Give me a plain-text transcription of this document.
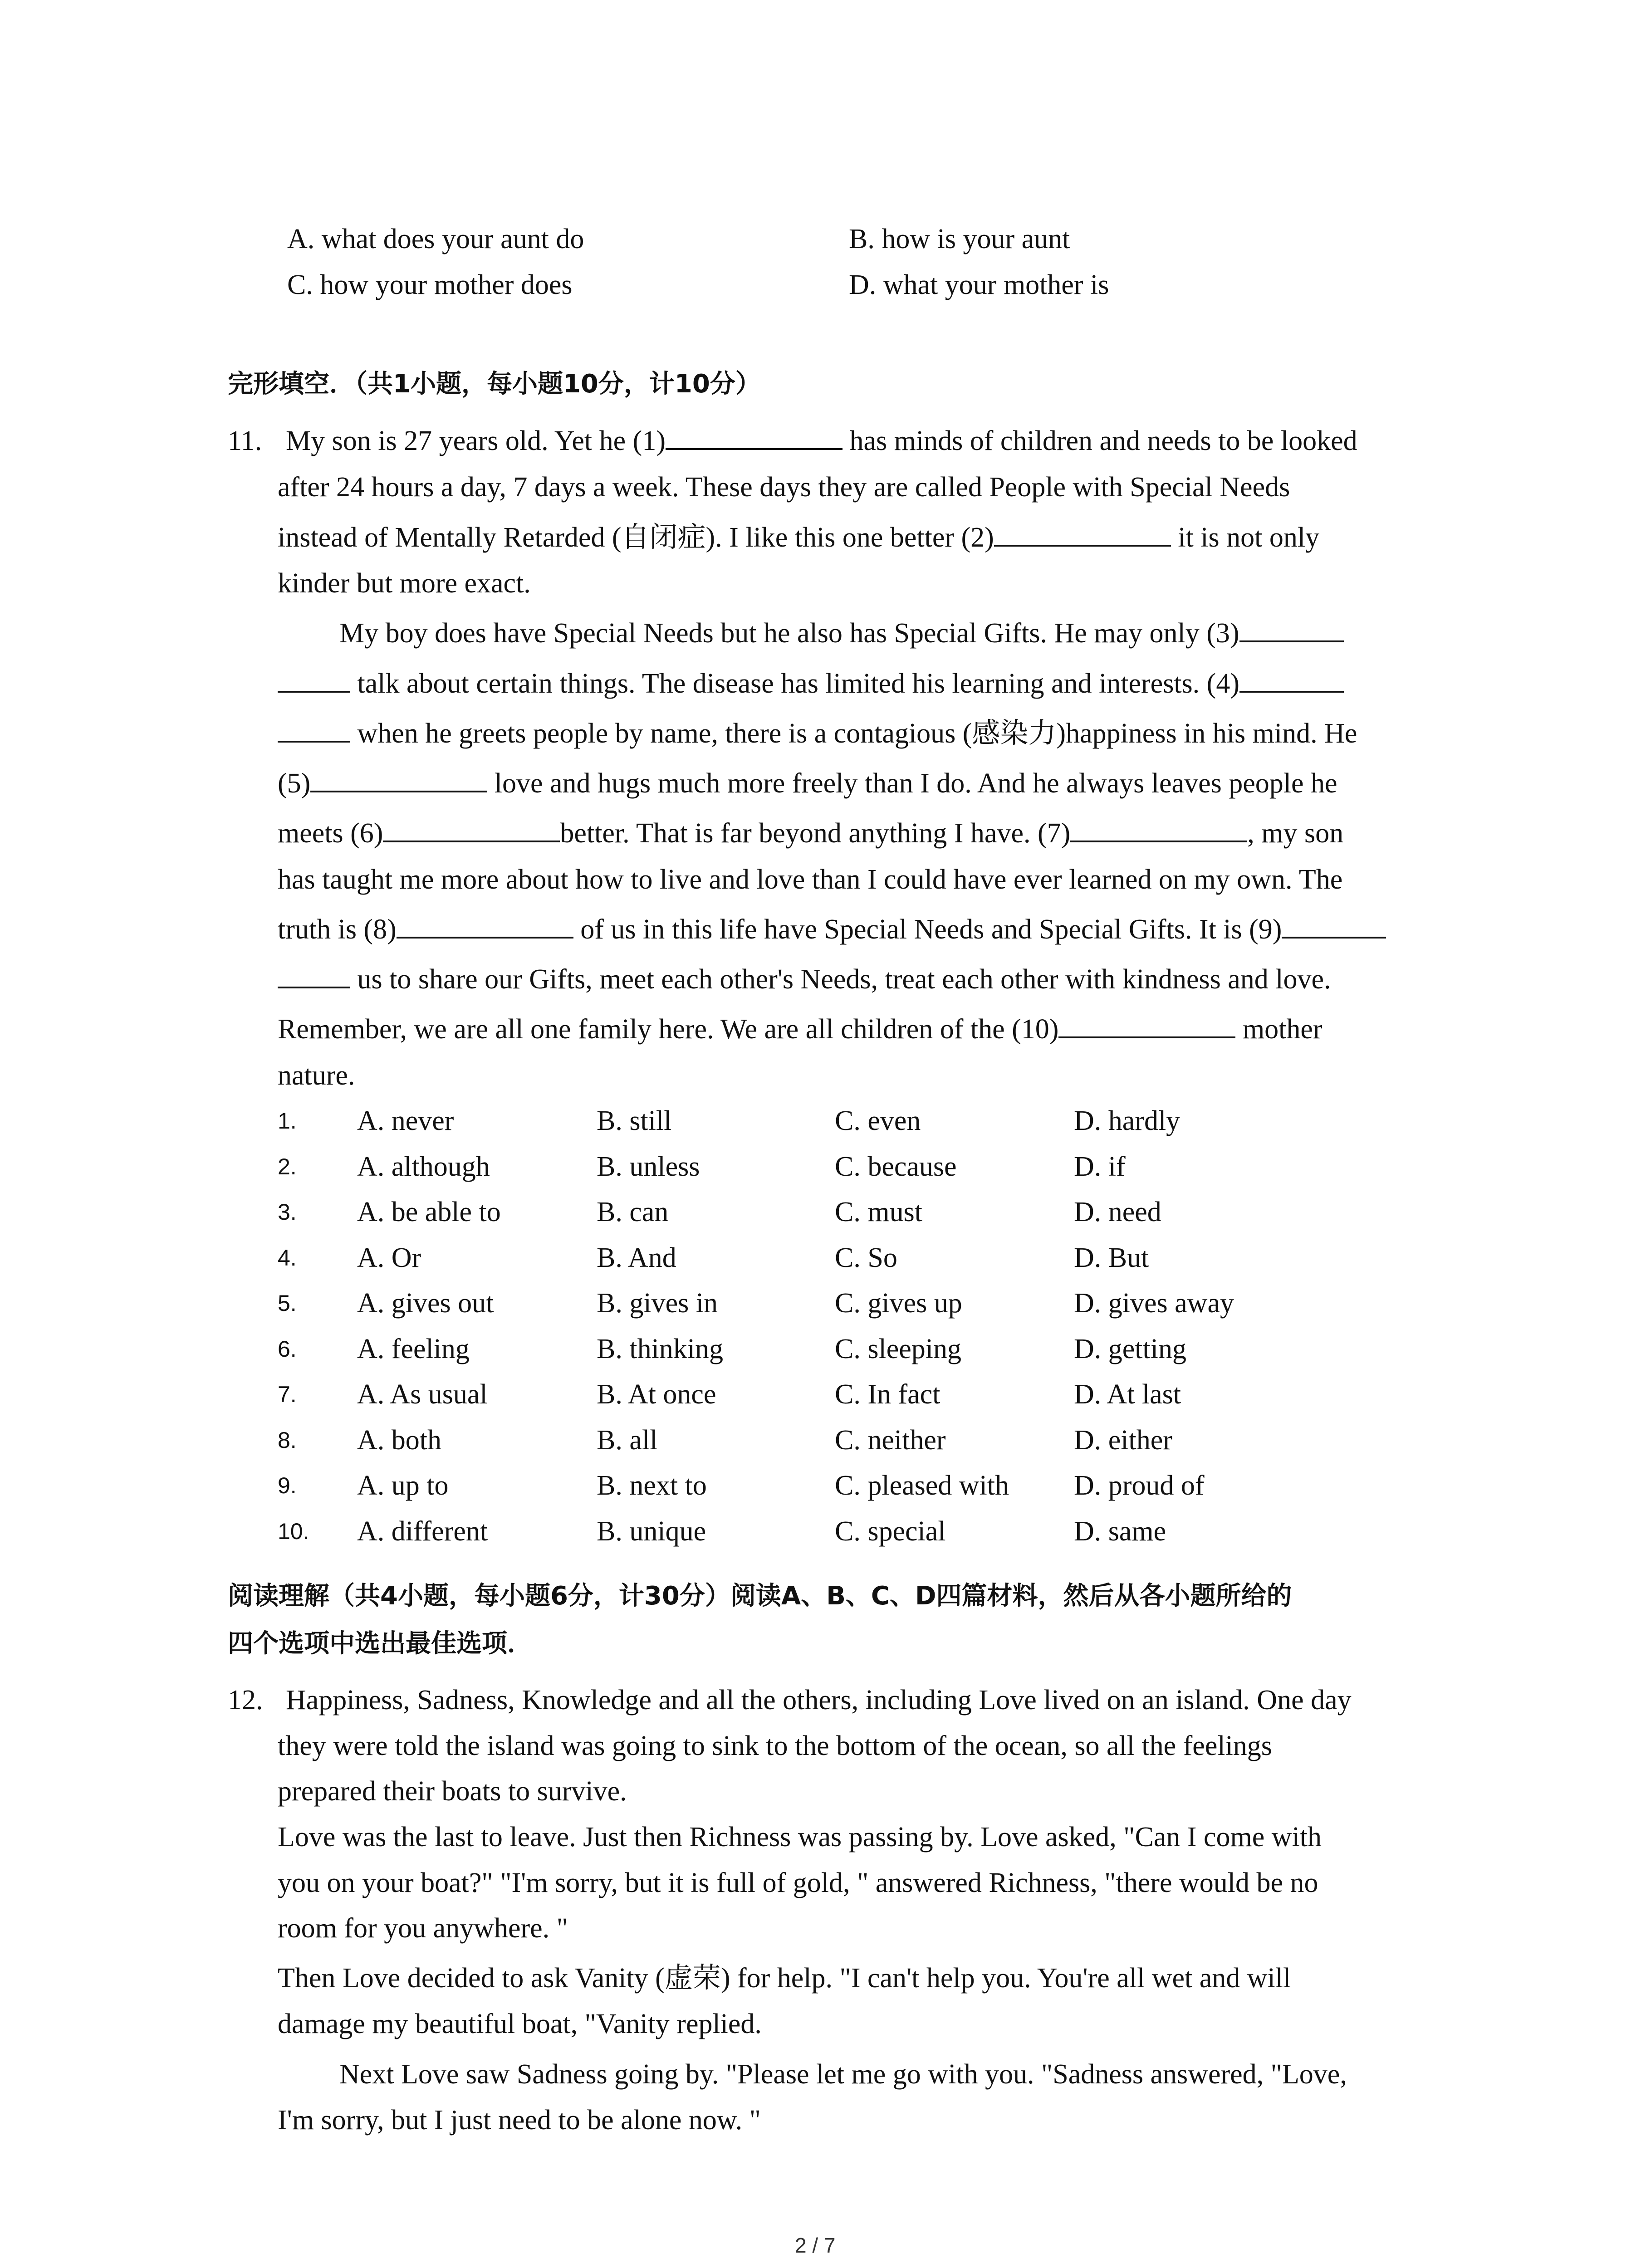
A. what does your aunt do	B. how is your aunt
C. how your mother does	D. what your mother is
完形填空．（共1小题，每小题10分，计10分）
11. My son is 27 years old. Yet he (1)	has minds of children and needs to be looked
after 24 hours a day, 7 days a week. These days they are called People with Special Needs
instead of Mentally Retarded (自闭症). I like this one better (2)	it is not only
kinder but more exact.
My boy does have Special Needs but he also has Special Gifts. He may only (3)
talk about certain things. The disease has limited his learning and interests. (4)
when he greets people by name, there is a contagious (感染力)happiness in his mind. He
(5)	love and hugs much more freely than I do. And he always leaves people he
meets (6)	better. That is far beyond anything I have. (7)	, my son
has taught me more about how to live and love than I could have ever learned on my own. The
truth is (8)	of us in this life have Special Needs and Special Gifts. It is (9)
us to share our Gifts, meet each other's Needs, treat each other with kindness and love.
Remember, we are all one family here. We are all children of the (10)	mother
nature.
1. A. never	B. still	C. even	D. hardly
2. A. although	B. unless	C. because	D. if
3. A. be able to	B. can	C. must	D. need
4. A. Or	B. And	C. So	D. But
5. A. gives out	B. gives in	C. gives up	D. gives away
6. A. feeling	B. thinking	C. sleeping	D. getting
7. A. As usual	B. At once	C. In fact	D. At last
8. A. both	B. all	C. neither	D. either
9. A. up to	B. next to	C. pleased with D. proud of
10. A. different	B. unique	C. special	D. same
阅读理解（共4小题，每小题6分，计30分）阅读A、B、C、D四篇材料，然后从各小题所给的
四个选项中选出最佳选项．
12. Happiness, Sadness, Knowledge and all the others, including Love lived on an island. One day
they were told the island was going to sink to the bottom of the ocean, so all the feelings
prepared their boats to survive.
Love was the last to leave. Just then Richness was passing by. Love asked, "Can I come with
you on your boat?" "I'm sorry, but it is full of gold, " answered Richness, "there would be no
room for you anywhere. "
Then Love decided to ask Vanity (虚荣) for help. "I can't help you. You're all wet and will
damage my beautiful boat, "Vanity replied.
Next Love saw Sadness going by. "Please let me go with you. "Sadness answered, "Love,
I'm sorry, but I just need to be alone now. "
2 / 7
